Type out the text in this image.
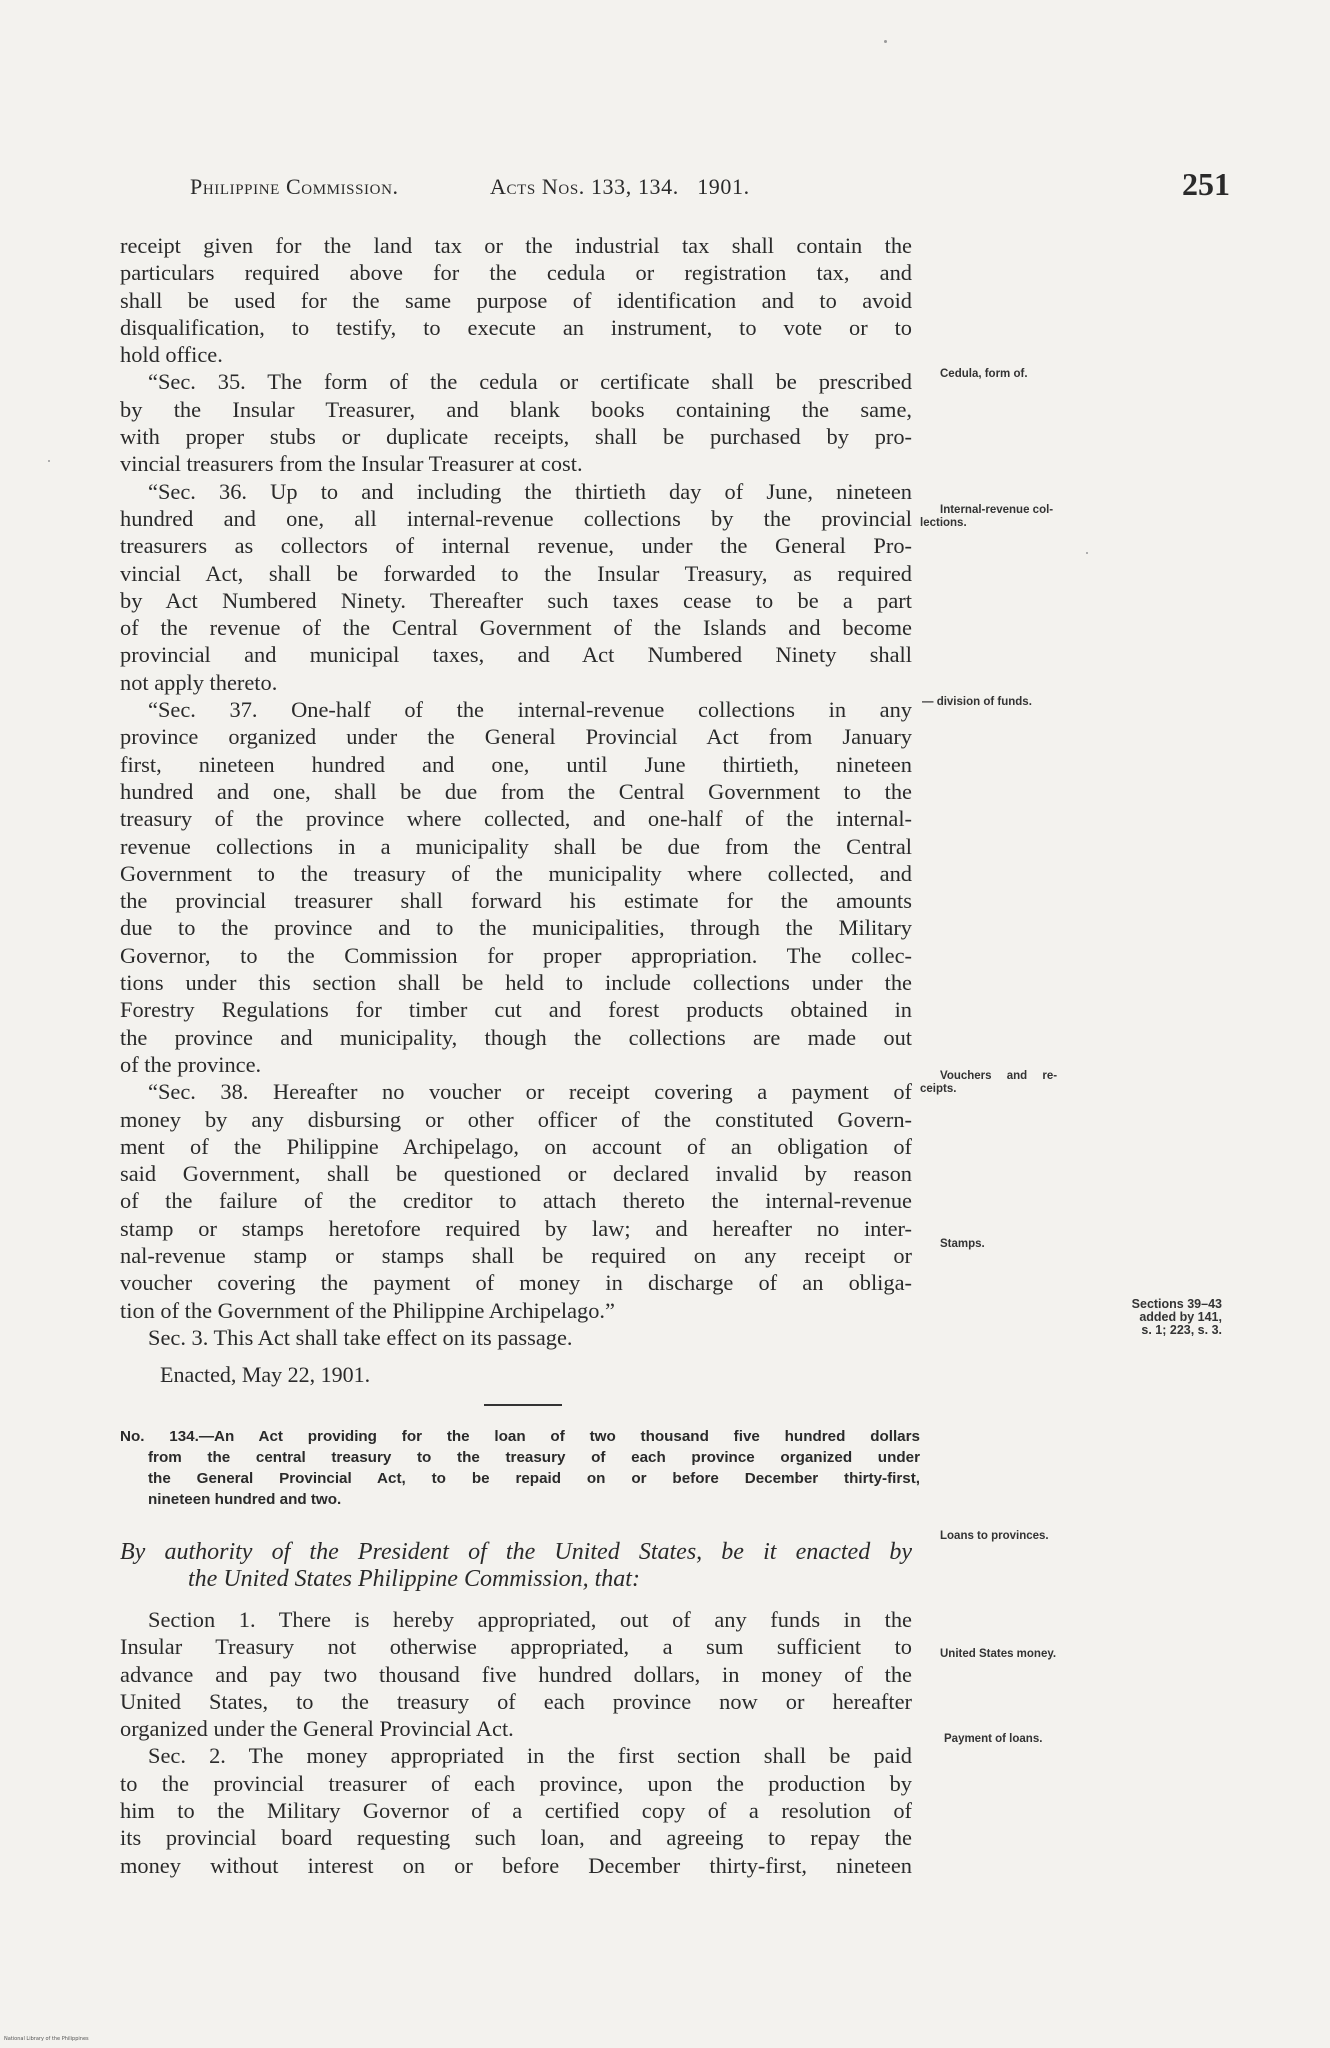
Philippine Commission.	Acts Nos. 133, 134. 1901.	251
receipt given for the land tax or the industrial tax shall contain the
particulars required above for the cedula or registration tax, and
shall be used for the same purpose of identification and to avoid
disqualification, to testify, to execute an instrument, to vote or to
hold office.
“Sec. 35. The form of the cedula or certificate shall be prescribed
by the Insular Treasurer, and blank books containing the same,
with proper stubs or duplicate receipts, shall be purchased by pro-
vincial treasurers from the Insular Treasurer at cost.
“Sec. 36. Up to and including the thirtieth day of June, nineteen
hundred and one, all internal-revenue collections by the provincial
treasurers as collectors of internal revenue, under the General Pro-
vincial Act, shall be forwarded to the Insular Treasury, as required
by Act Numbered Ninety. Thereafter such taxes cease to be a part
of the revenue of the Central Government of the Islands and become
provincial and municipal taxes, and Act Numbered Ninety shall
not apply thereto.
“Sec. 37. One-half of the internal-revenue collections in any
province organized under the General Provincial Act from January
first, nineteen hundred and one, until June thirtieth, nineteen
hundred and one, shall be due from the Central Government to the
treasury of the province where collected, and one-half of the internal-
revenue collections in a municipality shall be due from the Central
Government to the treasury of the municipality where collected, and
the provincial treasurer shall forward his estimate for the amounts
due to the province and to the municipalities, through the Military
Governor, to the Commission for proper appropriation. The collec-
tions under this section shall be held to include collections under the
Forestry Regulations for timber cut and forest products obtained in
the province and municipality, though the collections are made out
of the province.
“Sec. 38. Hereafter no voucher or receipt covering a payment of
money by any disbursing or other officer of the constituted Govern-
ment of the Philippine Archipelago, on account of an obligation of
said Government, shall be questioned or declared invalid by reason
of the failure of the creditor to attach thereto the internal-revenue
stamp or stamps heretofore required by law; and hereafter no inter-
nal-revenue stamp or stamps shall be required on any receipt or
voucher covering the payment of money in discharge of an obliga-
tion of the Government of the Philippine Archipelago.”
Sec. 3. This Act shall take effect on its passage.
Enacted, May 22, 1901.
No. 134.—An Act providing for the loan of two thousand five hundred dollars
from the central treasury to the treasury of each province organized under
the General Provincial Act, to be repaid on or before December thirty-first,
nineteen hundred and two.
By authority of the President of the United States, be it enacted by
the United States Philippine Commission, that:
Section 1. There is hereby appropriated, out of any funds in the
Insular Treasury not otherwise appropriated, a sum sufficient to
advance and pay two thousand five hundred dollars, in money of the
United States, to the treasury of each province now or hereafter
organized under the General Provincial Act.
Sec. 2. The money appropriated in the first section shall be paid
to the provincial treasurer of each province, upon the production by
him to the Military Governor of a certified copy of a resolution of
its provincial board requesting such loan, and agreeing to repay the
money without interest on or before December thirty-first, nineteen
Cedula, form of.
Internal-revenue col-
lections.
— division of funds.
Vouchers and re-
ceipts.
Stamps.
Sections 39–43 added by 141, s. 1; 223, s. 3.
Loans to provinces.
United States money.
Payment of loans.
National Library of the Philippines
